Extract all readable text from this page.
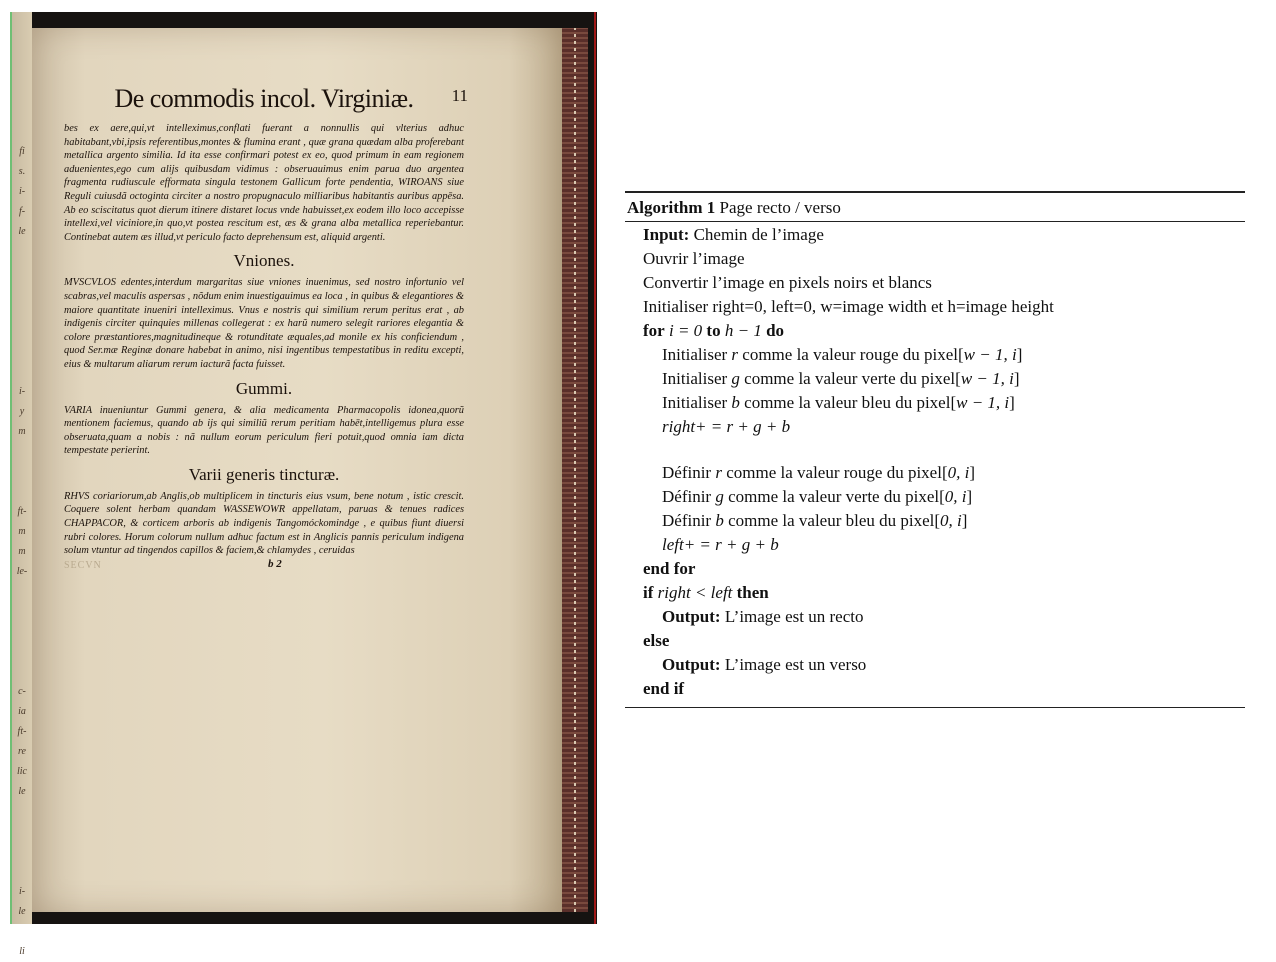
fi
s.
i-
f-
le

i-
y
m

ft-
m
m
le-

c-
ia
ft-
re
lic
le

i-
le

li
De commodis incol. Virginiæ.	11

bes ex aere,qui,vt intelleximus,conflati fuerant a nonnullis qui vlterius adhuc habitabant,vbi,ipsis referentibus,montes & flumina erant , quæ grana quædam alba proferebant metallica argento similia. Id ita esse confirmari potest ex eo, quod primum in eam regionem aduenientes,ego cum alijs quibusdam vidimus : obseruauimus enim parua duo argentea fragmenta rudiuscule efformata singula testonem Gallicum forte pendentia, WIROANS siue Reguli cuiusdã octoginta circiter a nostro propugnaculo milliaribus habitantis auribus appēsa. Ab eo sciscitatus quot dierum itinere distaret locus vnde habuisset,ex eodem illo loco accepisse intellexi,vel viciniore,in quo,vt postea rescitum est, æs & grana alba metallica reperiebantur. Continebat autem æs illud,vt periculo facto deprehensum est, aliquid argenti.

Vniones.

MVSCVLOS edentes,interdum margaritas siue vniones inuenimus, sed nostro infortunio vel scabras,vel maculis aspersas , nõdum enim inuestigauimus ea loca , in quibus & elegantiores & maiore quantitate inueniri intelleximus. Vnus e nostris qui similium rerum peritus erat , ab indigenis circiter quinquies millenas collegerat : ex harũ numero selegit rariores elegantia & colore præstantiores,magnitudineque & rotunditate æquales,ad monile ex his conficiendum , quod Ser.mæ Reginæ donare habebat in animo, nisi ingentibus tempestatibus in reditu excepti, eius & multarum aliarum rerum iacturã facta fuisset.

Gummi.

VARIA inueniuntur Gummi genera, & alia medicamenta Pharmacopolis idonea,quorũ mentionem faciemus, quando ab ijs qui similiũ rerum peritiam habēt,intelligemus plura esse obseruata,quam a nobis : nã nullum eorum periculum fieri potuit,quod omnia iam dicta tempestate perierint.

Varii generis tincturæ.

RHVS coriariorum,ab Anglis,ob multiplicem in tincturis eius vsum, bene notum , istic crescit. Coquere solent herbam quandam WASSEWOWR appellatam, paruas & tenues radices CHAPPACOR, & corticem arboris ab indigenis Tangomóckomindge , e quibus fiunt diuersi rubri colores. Horum colorum nullum adhuc factum est in Anglicis pannis periculum indigena solum vtuntur ad tingendos capillos & faciem,& chlamydes , ceruidas

SECVN	b 2
Algorithm 1 Page recto / verso
Input: Chemin de l’image
Ouvrir l’image
Convertir l’image en pixels noirs et blancs
Initialiser right=0, left=0, w=image width et h=image height
for i = 0 to h − 1 do
Initialiser r comme la valeur rouge du pixel[w − 1, i]
Initialiser g comme la valeur verte du pixel[w − 1, i]
Initialiser b comme la valeur bleu du pixel[w − 1, i]
right+ = r + g + b
Définir r comme la valeur rouge du pixel[0, i]
Définir g comme la valeur verte du pixel[0, i]
Définir b comme la valeur bleu du pixel[0, i]
left+ = r + g + b
end for
if right < left then
Output: L’image est un recto
else
Output: L’image est un verso
end if
